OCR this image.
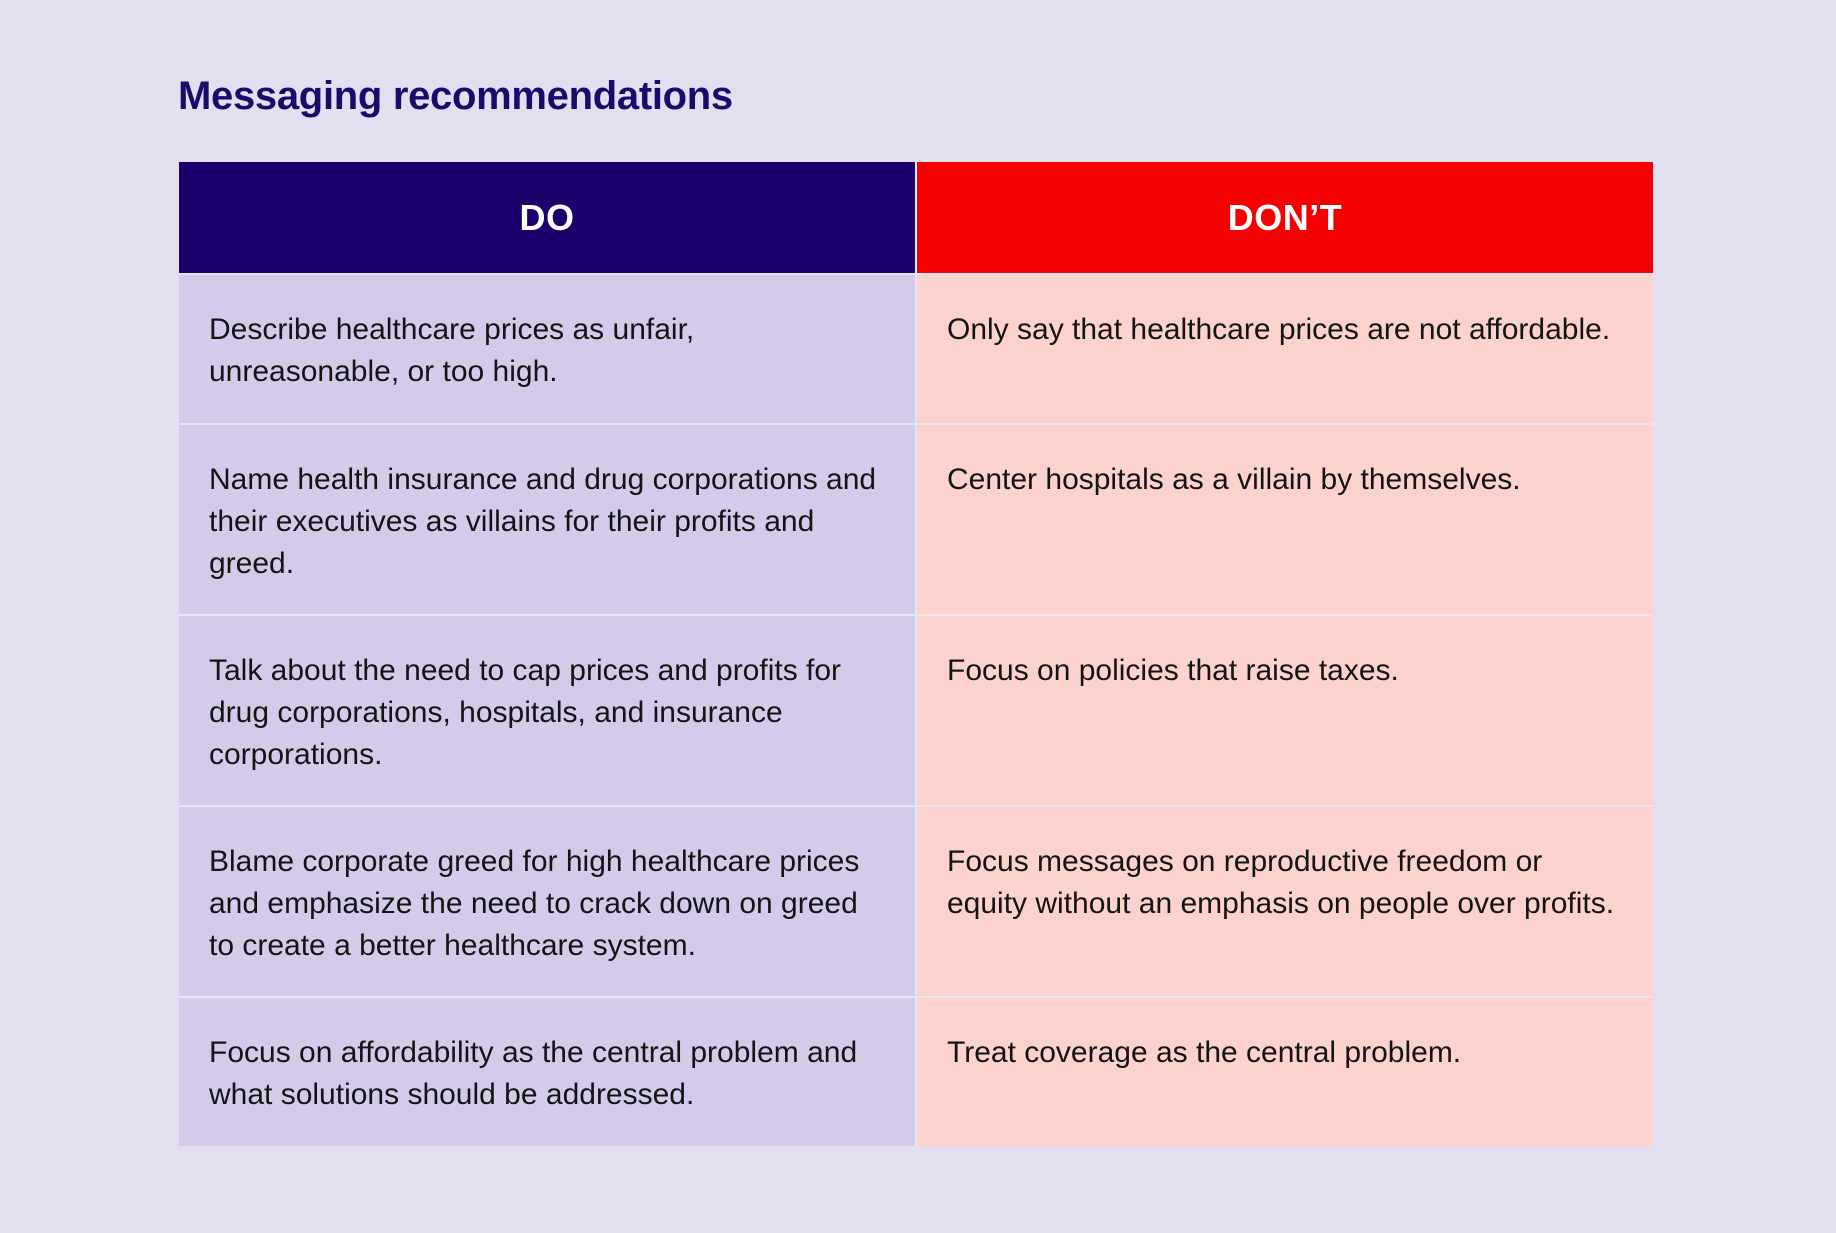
Messaging recommendations
DO	DON’T
Describe healthcare prices as unfair, unreasonable, or too high.
Only say that healthcare prices are not affordable.
Name health insurance and drug corporations and their executives as villains for their profits and greed.
Center hospitals as a villain by themselves.
Talk about the need to cap prices and profits for drug corporations, hospitals, and insurance corporations.
Focus on policies that raise taxes.
Blame corporate greed for high healthcare prices and emphasize the need to crack down on greed to create a better healthcare system.
Focus messages on reproductive freedom or equity without an emphasis on people over profits.
Focus on affordability as the central problem and what solutions should be addressed.
Treat coverage as the central problem.
